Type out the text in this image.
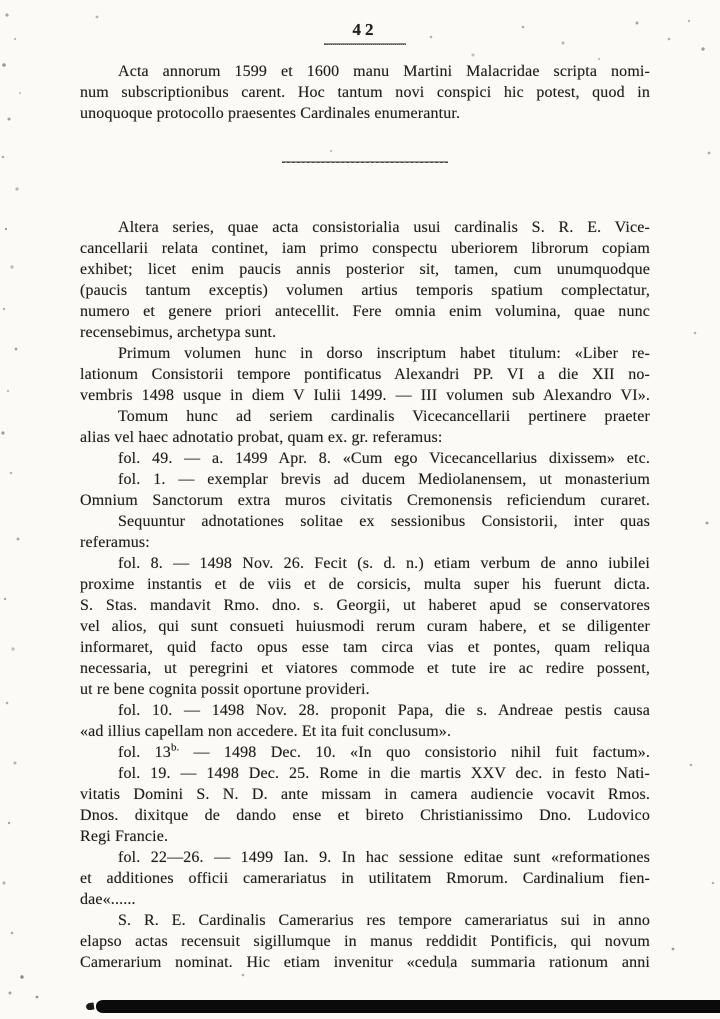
42
Acta annorum 1599 et 1600 manu Martini Malacridae scripta nomi-
num subscriptionibus carent. Hoc tantum novi conspici hic potest, quod in
unoquoque protocollo praesentes Cardinales enumerantur.
Altera series, quae acta consistorialia usui cardinalis S. R. E. Vice-
cancellarii relata continet, iam primo conspectu uberiorem librorum copiam
exhibet; licet enim paucis annis posterior sit, tamen, cum unumquodque
(paucis tantum exceptis) volumen artius temporis spatium complectatur,
numero et genere priori antecellit. Fere omnia enim volumina, quae nunc
recensebimus, archetypa sunt.
Primum volumen hunc in dorso inscriptum habet titulum: «Liber re-
lationum Consistorii tempore pontificatus Alexandri PP. VI a die XII no-
vembris 1498 usque in diem V Iulii 1499. — III volumen sub Alexandro VI».
Tomum hunc ad seriem cardinalis Vicecancellarii pertinere praeter
alias vel haec adnotatio probat, quam ex. gr. referamus:
fol. 49. — a. 1499 Apr. 8. «Cum ego Vicecancellarius dixissem» etc.
fol. 1. — exemplar brevis ad ducem Mediolanensem, ut monasterium
Omnium Sanctorum extra muros civitatis Cremonensis reficiendum curaret.
Sequuntur adnotationes solitae ex sessionibus Consistorii, inter quas
referamus:
fol. 8. — 1498 Nov. 26. Fecit (s. d. n.) etiam verbum de anno iubilei
proxime instantis et de viis et de corsicis, multa super his fuerunt dicta.
S. Stas. mandavit Rmo. dno. s. Georgii, ut haberet apud se conservatores
vel alios, qui sunt consueti huiusmodi rerum curam habere, et se diligenter
informaret, quid facto opus esse tam circa vias et pontes, quam reliqua
necessaria, ut peregrini et viatores commode et tute ire ac redire possent,
ut re bene cognita possit oportune provideri.
fol. 10. — 1498 Nov. 28. proponit Papa, die s. Andreae pestis causa
«ad illius capellam non accedere. Et ita fuit conclusum».
fol. $13^{b.}$ — 1498 Dec. 10. «In quo consistorio nihil fuit factum».
fol. 19. — 1498 Dec. 25. Rome in die martis XXV dec. in festo Nati-
vitatis Domini S. N. D. ante missam in camera audiencie vocavit Rmos.
Dnos. dixitque de dando ense et bireto Christianissimo Dno. Ludovico
Regi Francie.
fol. 22—26. — 1499 Ian. 9. In hac sessione editae sunt «reformationes
et additiones officii camerariatus in utilitatem Rmorum. Cardinalium fien-
dae«......
S. R. E. Cardinalis Camerarius res tempore camerariatus sui in anno
elapso actas recensuit sigillumque in manus reddidit Pontificis, qui novum
Camerarium nominat. Hic etiam invenitur «cedula summaria rationum anni
